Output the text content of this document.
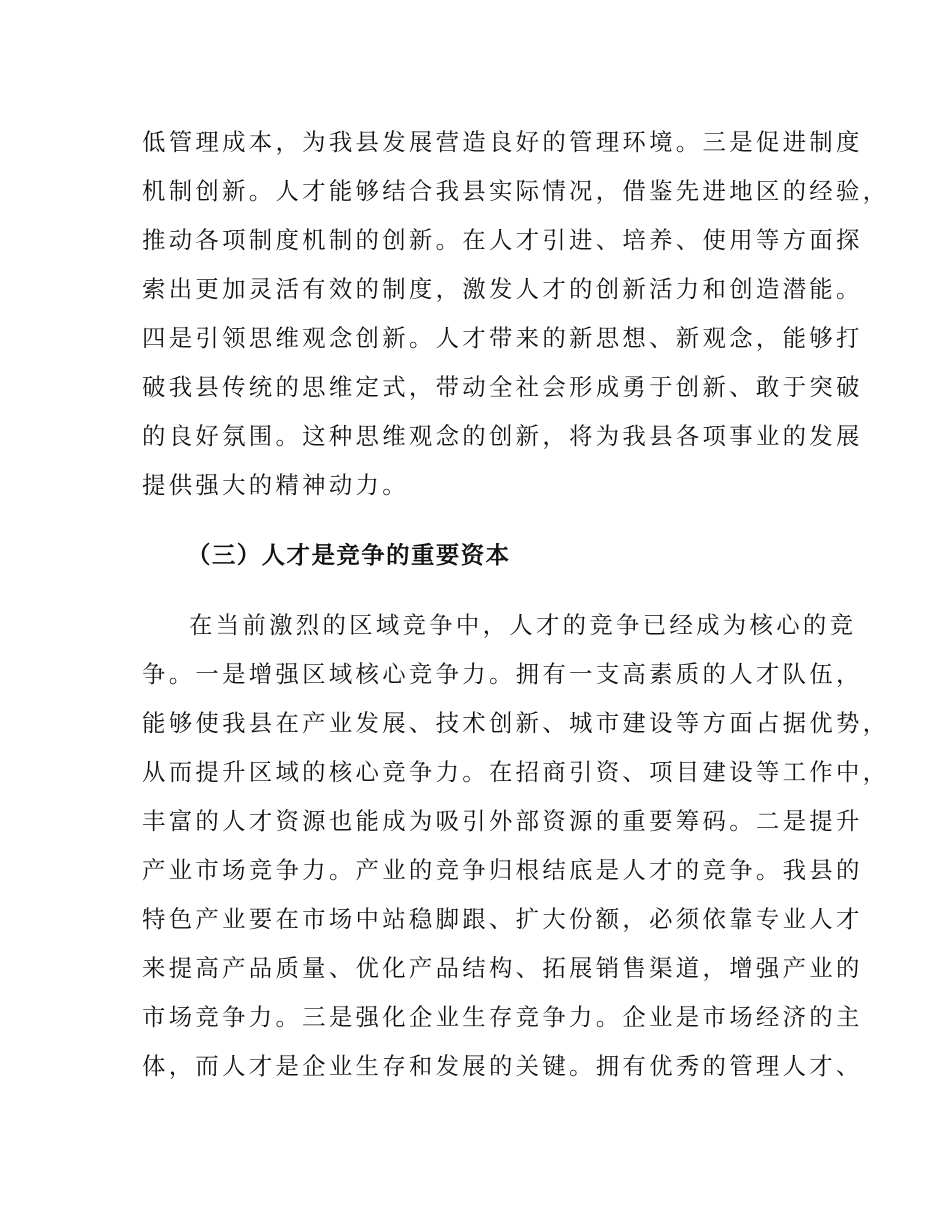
低管理成本，为我县发展营造良好的管理环境。三是促进制度
机制创新。人才能够结合我县实际情况，借鉴先进地区的经验，
推动各项制度机制的创新。在人才引进、培养、使用等方面探
索出更加灵活有效的制度，激发人才的创新活力和创造潜能。
四是引领思维观念创新。人才带来的新思想、新观念，能够打
破我县传统的思维定式，带动全社会形成勇于创新、敢于突破
的良好氛围。这种思维观念的创新，将为我县各项事业的发展
提供强大的精神动力。
（三）人才是竞争的重要资本
在当前激烈的区域竞争中，人才的竞争已经成为核心的竞
争。一是增强区域核心竞争力。拥有一支高素质的人才队伍，
能够使我县在产业发展、技术创新、城市建设等方面占据优势，
从而提升区域的核心竞争力。在招商引资、项目建设等工作中，
丰富的人才资源也能成为吸引外部资源的重要筹码。二是提升
产业市场竞争力。产业的竞争归根结底是人才的竞争。我县的
特色产业要在市场中站稳脚跟、扩大份额，必须依靠专业人才
来提高产品质量、优化产品结构、拓展销售渠道，增强产业的
市场竞争力。三是强化企业生存竞争力。企业是市场经济的主
体，而人才是企业生存和发展的关键。拥有优秀的管理人才、
